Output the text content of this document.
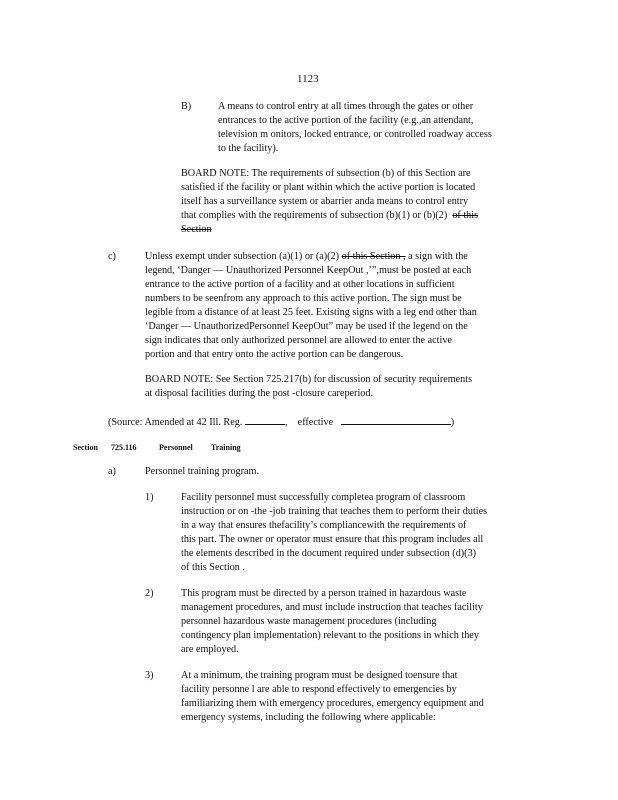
1123
B)	A means to control entry at all times through the gates or other
entrances to the active portion of the facility (e.g.,an attendant,
television m onitors, locked entrance, or controlled roadway access
to the facility).
BOARD NOTE: The requirements of subsection (b) of this Section are
satisfied if the facility or plant within which the active portion is located
itself has a surveillance system or abarrier anda means to control entry
that complies with the requirements of subsection (b)(1) or (b)(2) of this
Section
c)	Unless exempt under subsection (a)(1) or (a)(2) of this Section , a sign with the
legend, ‘Danger — Unauthorized Personnel KeepOut ,’”,must be posted at each
entrance to the active portion of a facility and at other locations in sufficient
numbers to be seenfrom any approach to this active portion. The sign must be
legible from a distance of at least 25 feet. Existing signs with a leg end other than
‘Danger — UnauthorizedPersonnel KeepOut” may be used if the legend on the
sign indicates that only authorized personnel are allowed to enter the active
portion and that entry onto the active portion can be dangerous.
BOARD NOTE: See Section 725.217(b) for discussion of security requirements
at disposal facilities during the post -closure careperiod.
(Source: Amended at 42 Ill. Reg.	, effective	)
Section 725.116	Personnel Training
a)	Personnel training program.
1)	Facility personnel must successfully completea program of classroom
instruction or on -the -job training that teaches them to perform their duties
in a way that ensures thefacility’s compliancewith the requirements of
this part. The owner or operator must ensure that this program includes all
the elements described in the document required under subsection (d)(3)
of this Section .
2)	This program must be directed by a person trained in hazardous waste
management procedures, and must include instruction that teaches facility
personnel hazardous waste management procedures (including
contingency plan implementation) relevant to the positions in which they
are employed.
3)	At a minimum, the training program must be designed toensure that
facility personne l are able to respond effectively to emergencies by
familiarizing them with emergency procedures, emergency equipment and
emergency systems, including the following where applicable:
